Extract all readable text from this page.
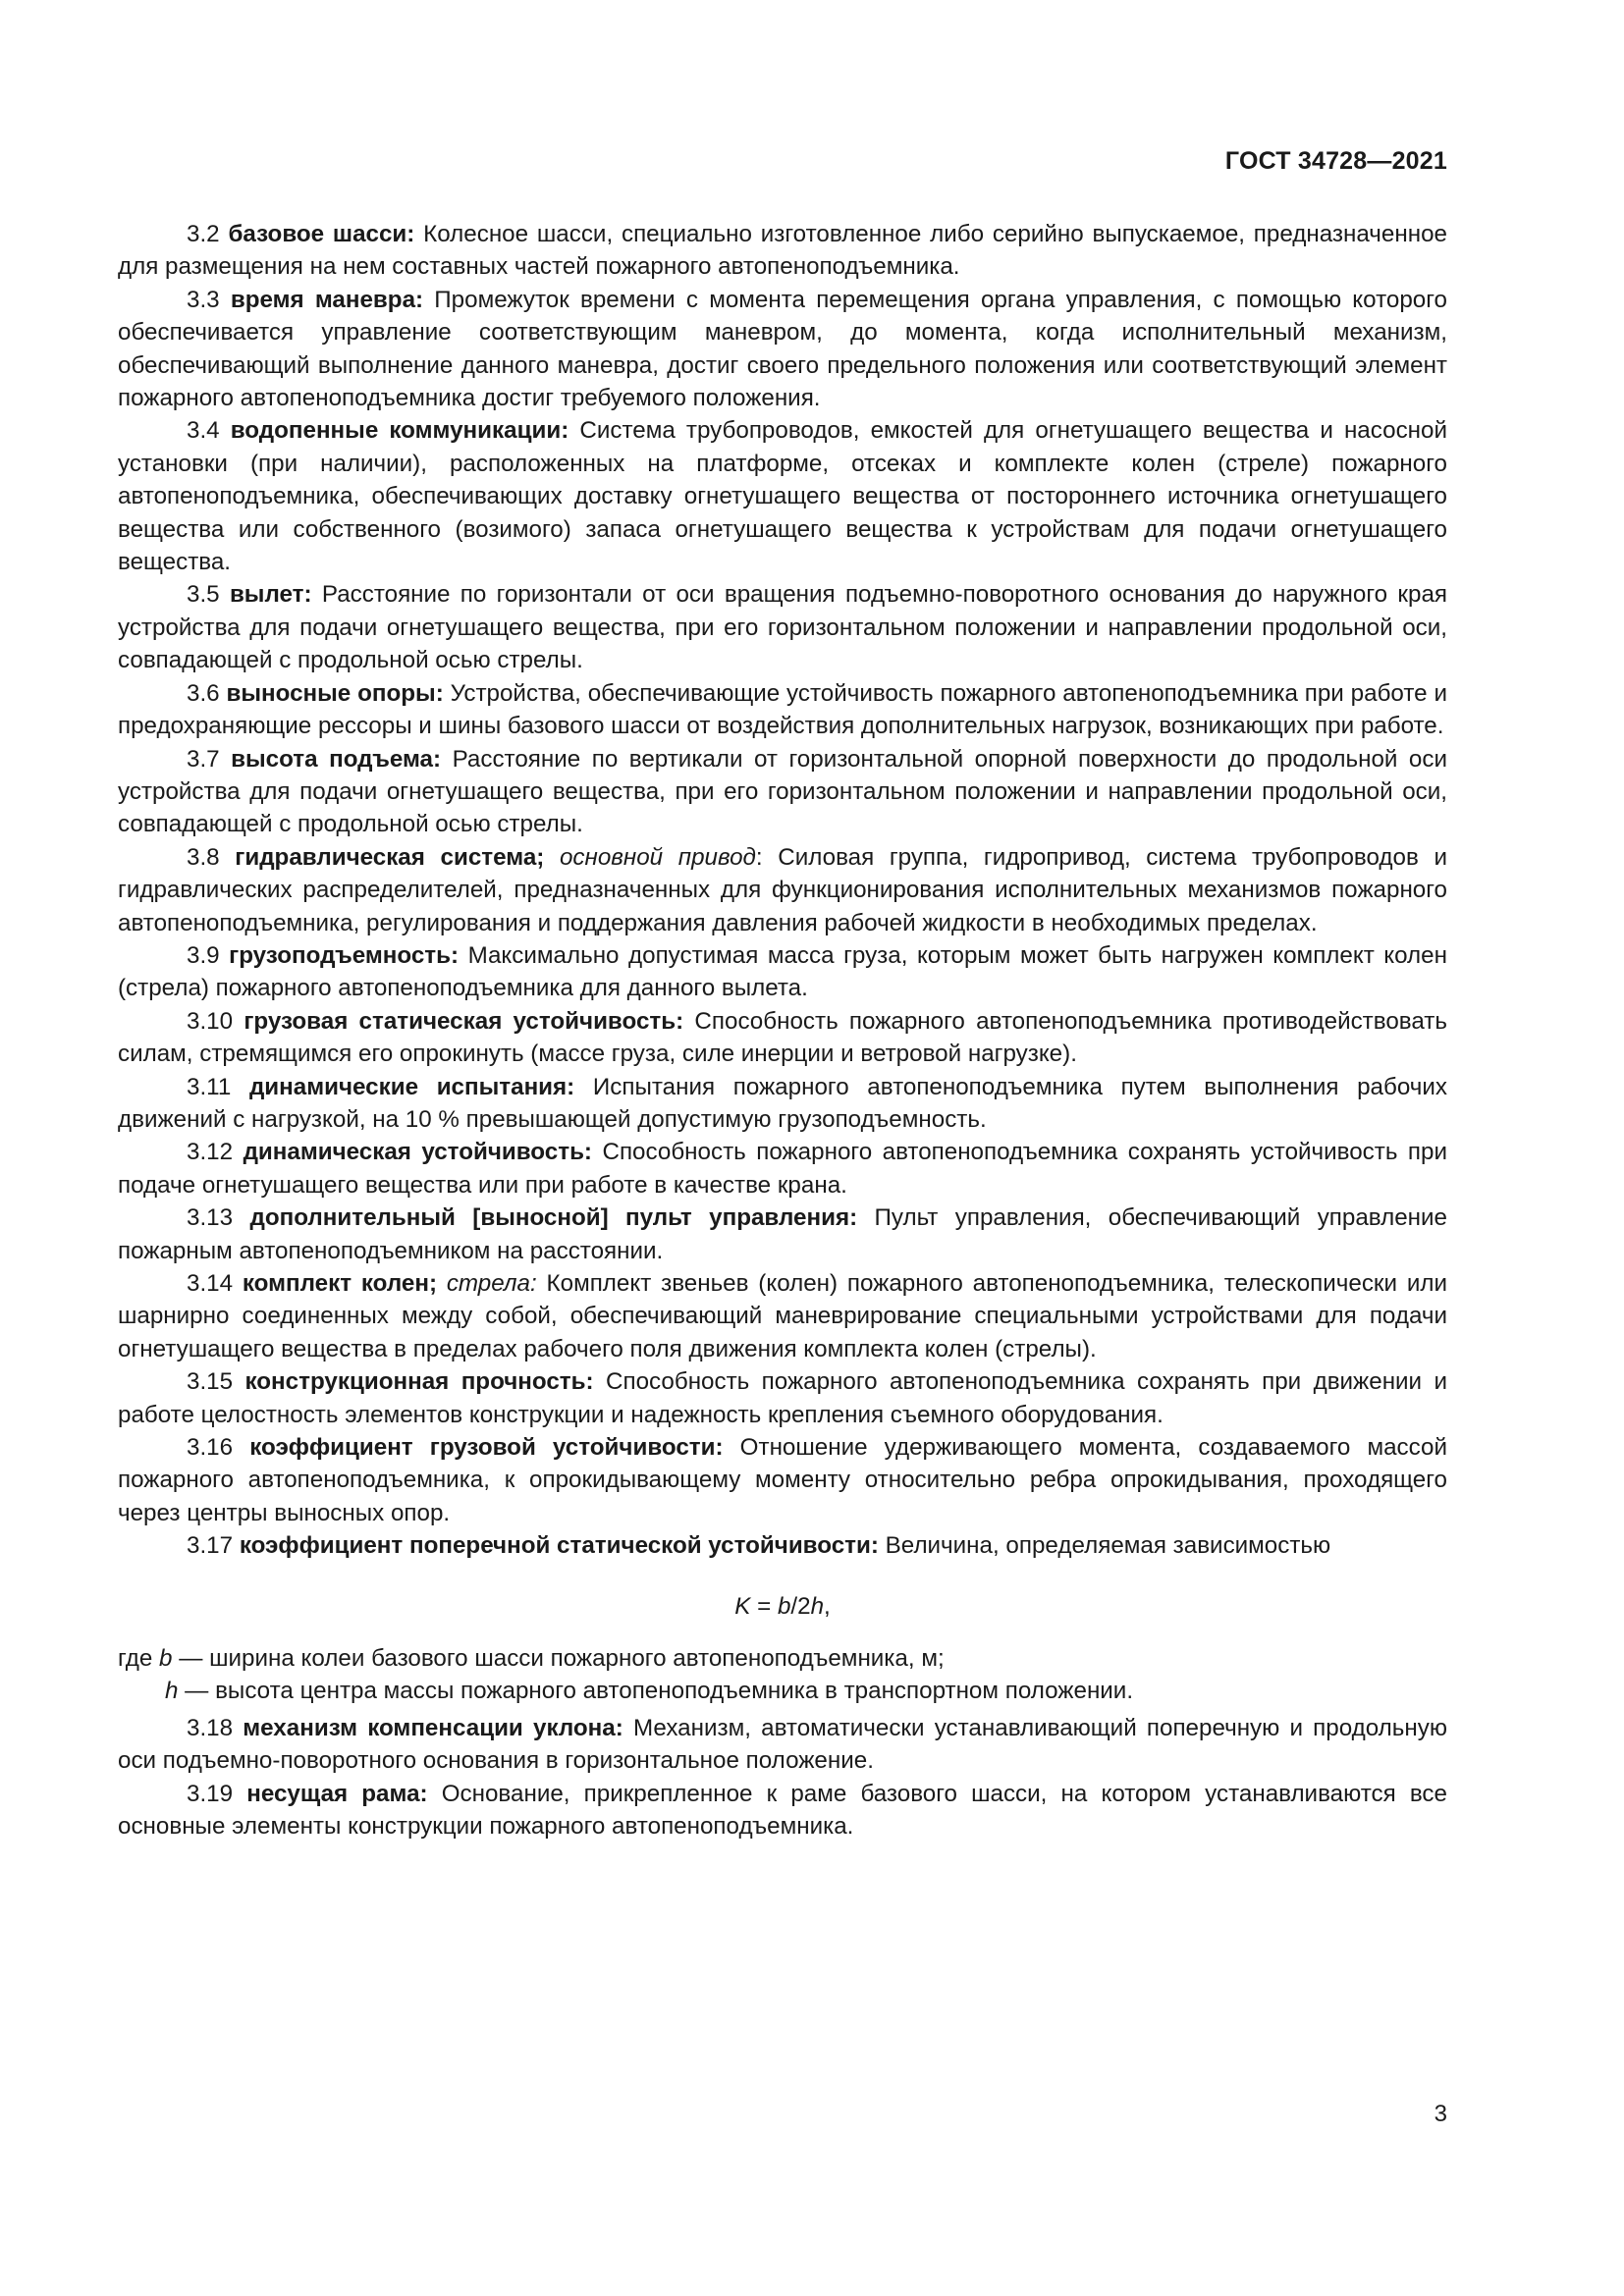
ГОСТ 34728—2021

3.2 базовое шасси: Колесное шасси, специально изготовленное либо серийно выпускаемое, предназначенное для размещения на нем составных частей пожарного автопеноподъемника.

3.3 время маневра: Промежуток времени с момента перемещения органа управления, с помощью которого обеспечивается управление соответствующим маневром, до момента, когда исполнительный механизм, обеспечивающий выполнение данного маневра, достиг своего предельного положения или соответствующий элемент пожарного автопеноподъемника достиг требуемого положения.

3.4 водопенные коммуникации: Система трубопроводов, емкостей для огнетушащего вещества и насосной установки (при наличии), расположенных на платформе, отсеках и комплекте колен (стреле) пожарного автопеноподъемника, обеспечивающих доставку огнетушащего вещества от постороннего источника огнетушащего вещества или собственного (возимого) запаса огнетушащего вещества к устройствам для подачи огнетушащего вещества.

3.5 вылет: Расстояние по горизонтали от оси вращения подъемно-поворотного основания до наружного края устройства для подачи огнетушащего вещества, при его горизонтальном положении и направлении продольной оси, совпадающей с продольной осью стрелы.

3.6 выносные опоры: Устройства, обеспечивающие устойчивость пожарного автопеноподъемника при работе и предохраняющие рессоры и шины базового шасси от воздействия дополнительных нагрузок, возникающих при работе.

3.7 высота подъема: Расстояние по вертикали от горизонтальной опорной поверхности до продольной оси устройства для подачи огнетушащего вещества, при его горизонтальном положении и направлении продольной оси, совпадающей с продольной осью стрелы.

3.8 гидравлическая система; основной привод: Силовая группа, гидропривод, система трубопроводов и гидравлических распределителей, предназначенных для функционирования исполнительных механизмов пожарного автопеноподъемника, регулирования и поддержания давления рабочей жидкости в необходимых пределах.

3.9 грузоподъемность: Максимально допустимая масса груза, которым может быть нагружен комплект колен (стрела) пожарного автопеноподъемника для данного вылета.

3.10 грузовая статическая устойчивость: Способность пожарного автопеноподъемника противодействовать силам, стремящимся его опрокинуть (массе груза, силе инерции и ветровой нагрузке).

3.11 динамические испытания: Испытания пожарного автопеноподъемника путем выполнения рабочих движений с нагрузкой, на 10 % превышающей допустимую грузоподъемность.

3.12 динамическая устойчивость: Способность пожарного автопеноподъемника сохранять устойчивость при подаче огнетушащего вещества или при работе в качестве крана.

3.13 дополнительный [выносной] пульт управления: Пульт управления, обеспечивающий управление пожарным автопеноподъемником на расстоянии.

3.14 комплект колен; стрела: Комплект звеньев (колен) пожарного автопеноподъемника, телескопически или шарнирно соединенных между собой, обеспечивающий маневрирование специальными устройствами для подачи огнетушащего вещества в пределах рабочего поля движения комплекта колен (стрелы).

3.15 конструкционная прочность: Способность пожарного автопеноподъемника сохранять при движении и работе целостность элементов конструкции и надежность крепления съемного оборудования.

3.16 коэффициент грузовой устойчивости: Отношение удерживающего момента, создаваемого массой пожарного автопеноподъемника, к опрокидывающему моменту относительно ребра опрокидывания, проходящего через центры выносных опор.

3.17 коэффициент поперечной статической устойчивости: Величина, определяемая зависимостью

K = b/2h,

где b — ширина колеи базового шасси пожарного автопеноподъемника, м;

h — высота центра массы пожарного автопеноподъемника в транспортном положении.

3.18 механизм компенсации уклона: Механизм, автоматически устанавливающий поперечную и продольную оси подъемно-поворотного основания в горизонтальное положение.

3.19 несущая рама: Основание, прикрепленное к раме базового шасси, на котором устанавливаются все основные элементы конструкции пожарного автопеноподъемника.

3
